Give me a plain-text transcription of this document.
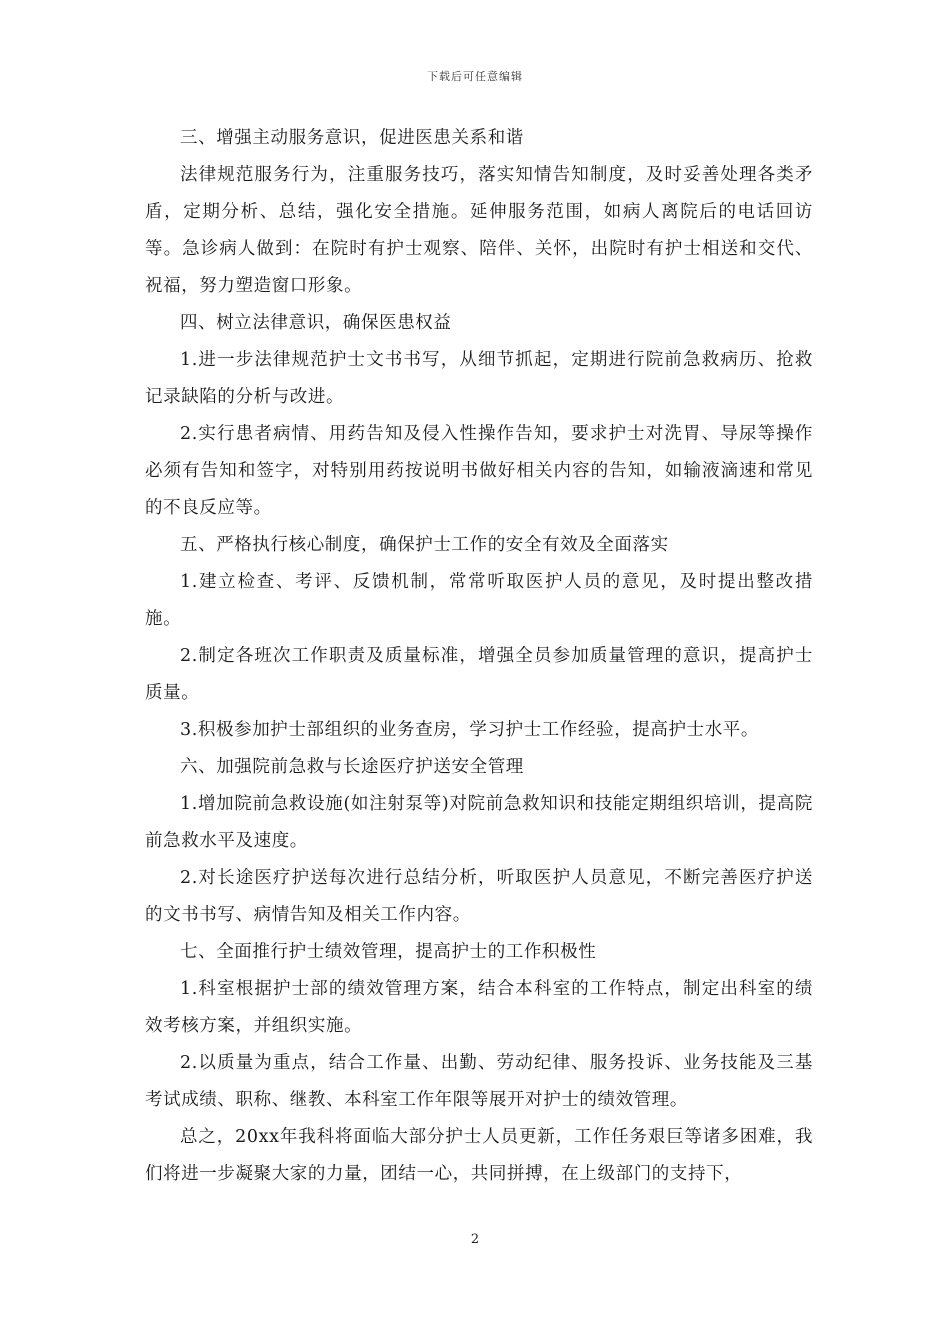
下载后可任意编辑

三、增强主动服务意识，促进医患关系和谐

法律规范服务行为，注重服务技巧，落实知情告知制度，及时妥善处理各类矛盾，定期分析、总结，强化安全措施。延伸服务范围，如病人离院后的电话回访等。急诊病人做到：在院时有护士观察、陪伴、关怀，出院时有护士相送和交代、祝福，努力塑造窗口形象。

四、树立法律意识，确保医患权益

1.进一步法律规范护士文书书写，从细节抓起，定期进行院前急救病历、抢救记录缺陷的分析与改进。

2.实行患者病情、用药告知及侵入性操作告知，要求护士对洗胃、导尿等操作必须有告知和签字，对特别用药按说明书做好相关内容的告知，如输液滴速和常见的不良反应等。

五、严格执行核心制度，确保护士工作的安全有效及全面落实

1.建立检查、考评、反馈机制，常常听取医护人员的意见，及时提出整改措施。

2.制定各班次工作职责及质量标准，增强全员参加质量管理的意识，提高护士质量。

3.积极参加护士部组织的业务查房，学习护士工作经验，提高护士水平。

六、加强院前急救与长途医疗护送安全管理

1.增加院前急救设施(如注射泵等)对院前急救知识和技能定期组织培训，提高院前急救水平及速度。

2.对长途医疗护送每次进行总结分析，听取医护人员意见，不断完善医疗护送的文书书写、病情告知及相关工作内容。

七、全面推行护士绩效管理，提高护士的工作积极性

1.科室根据护士部的绩效管理方案，结合本科室的工作特点，制定出科室的绩效考核方案，并组织实施。

2.以质量为重点，结合工作量、出勤、劳动纪律、服务投诉、业务技能及三基考试成绩、职称、继教、本科室工作年限等展开对护士的绩效管理。

总之，20xx年我科将面临大部分护士人员更新，工作任务艰巨等诸多困难，我们将进一步凝聚大家的力量，团结一心，共同拼搏，在上级部门的支持下，

2
